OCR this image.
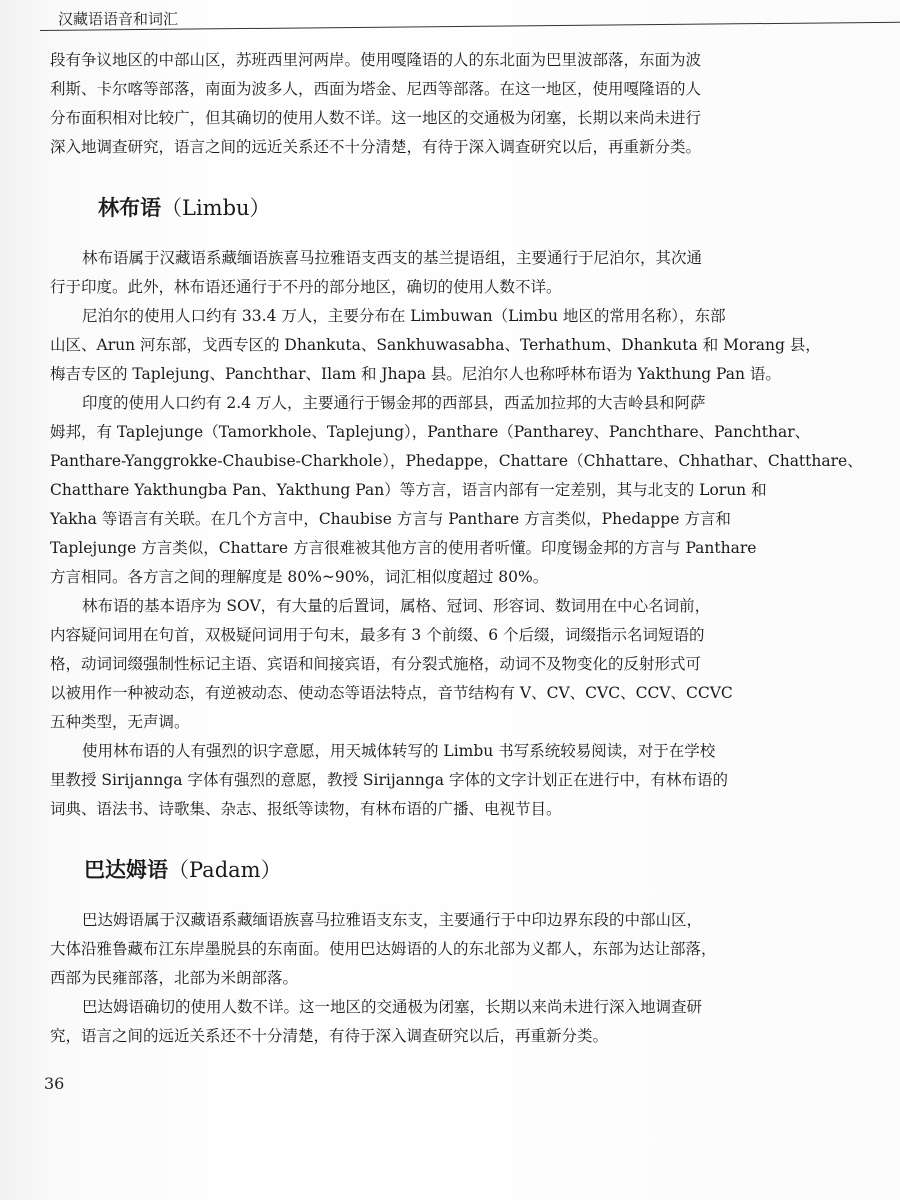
汉藏语语音和词汇
段有争议地区的中部山区，苏班西里河两岸。使用嘎隆语的人的东北面为巴里波部落，东面为波
利斯、卡尔喀等部落，南面为波多人，西面为塔金、尼西等部落。在这一地区，使用嘎隆语的人
分布面积相对比较广，但其确切的使用人数不详。这一地区的交通极为闭塞，长期以来尚未进行
深入地调查研究，语言之间的远近关系还不十分清楚，有待于深入调查研究以后，再重新分类。
林布语（Limbu）
林布语属于汉藏语系藏缅语族喜马拉雅语支西支的基兰提语组，主要通行于尼泊尔，其次通
行于印度。此外，林布语还通行于不丹的部分地区，确切的使用人数不详。
尼泊尔的使用人口约有 33.4 万人，主要分布在 Limbuwan（Limbu 地区的常用名称），东部
山区、Arun 河东部，戈西专区的 Dhankuta、Sankhuwasabha、Terhathum、Dhankuta 和 Morang 县，
梅吉专区的 Taplejung、Panchthar、Ilam 和 Jhapa 县。尼泊尔人也称呼林布语为 Yakthung Pan 语。
印度的使用人口约有 2.4 万人，主要通行于锡金邦的西部县，西孟加拉邦的大吉岭县和阿萨
姆邦，有 Taplejunge（Tamorkhole、Taplejung），Panthare（Pantharey、Panchthare、Panchthar、
Panthare-Yanggrokke-Chaubise-Charkhole），Phedappe，Chattare（Chhattare、Chhathar、Chatthare、
Chatthare Yakthungba Pan、Yakthung Pan）等方言，语言内部有一定差别，其与北支的 Lorun 和
Yakha 等语言有关联。在几个方言中，Chaubise 方言与 Panthare 方言类似，Phedappe 方言和
Taplejunge 方言类似，Chattare 方言很难被其他方言的使用者听懂。印度锡金邦的方言与 Panthare
方言相同。各方言之间的理解度是 80%~90%，词汇相似度超过 80%。
林布语的基本语序为 SOV，有大量的后置词，属格、冠词、形容词、数词用在中心名词前，
内容疑问词用在句首，双极疑问词用于句末，最多有 3 个前缀、6 个后缀，词缀指示名词短语的
格，动词词缀强制性标记主语、宾语和间接宾语，有分裂式施格，动词不及物变化的反射形式可
以被用作一种被动态，有逆被动态、使动态等语法特点，音节结构有 V、CV、CVC、CCV、CCVC
五种类型，无声调。
使用林布语的人有强烈的识字意愿，用天城体转写的 Limbu 书写系统较易阅读，对于在学校
里教授 Sirijannga 字体有强烈的意愿，教授 Sirijannga 字体的文字计划正在进行中，有林布语的
词典、语法书、诗歌集、杂志、报纸等读物，有林布语的广播、电视节目。
巴达姆语（Padam）
巴达姆语属于汉藏语系藏缅语族喜马拉雅语支东支，主要通行于中印边界东段的中部山区，
大体沿雅鲁藏布江东岸墨脱县的东南面。使用巴达姆语的人的东北部为义都人，东部为达让部落，
西部为民雍部落，北部为米朗部落。
巴达姆语确切的使用人数不详。这一地区的交通极为闭塞，长期以来尚未进行深入地调查研
究，语言之间的远近关系还不十分清楚，有待于深入调查研究以后，再重新分类。
36
